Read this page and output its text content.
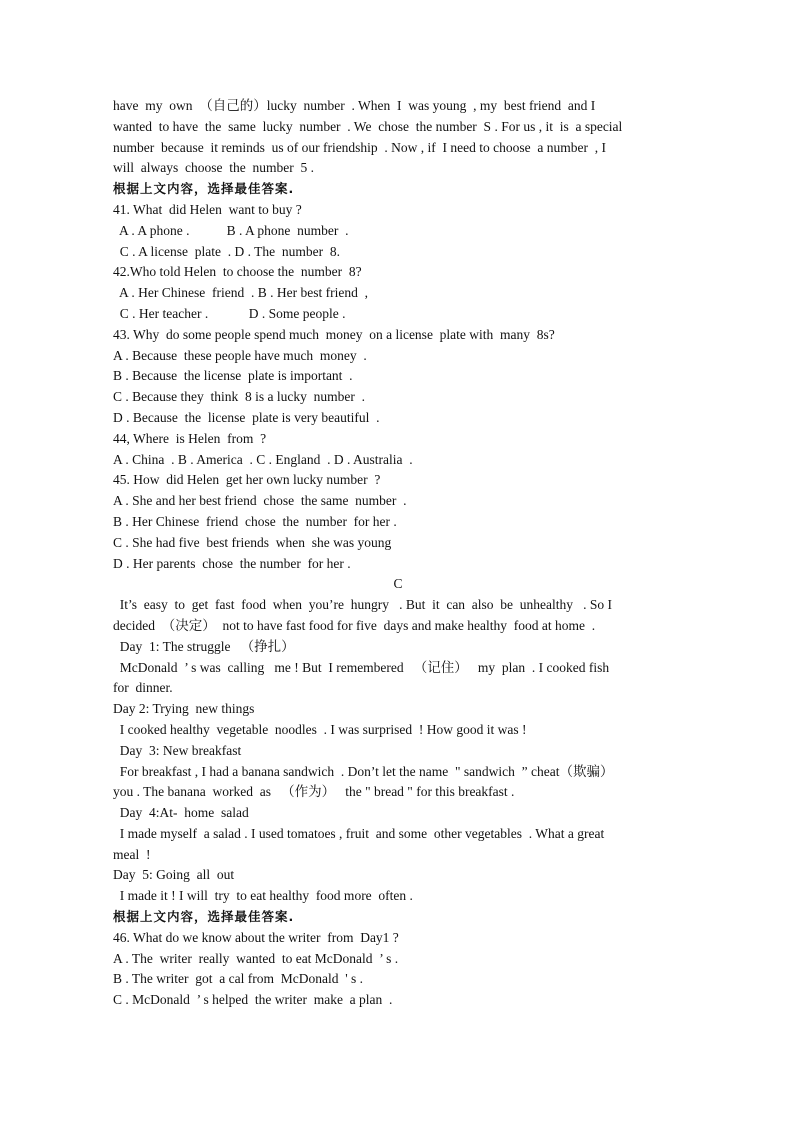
have  my  own  （自己的）lucky  number  . When  I  was young  , my  best friend  and I
wanted  to have  the  same  lucky  number  . We  chose  the number  S . For us , it  is  a special
number  because  it reminds  us of our friendship  . Now , if  I need to choose  a number  , I
will  always  choose  the  number  5 .
根据上文内容，选择最佳答案.
41. What  did Helen  want to buy ?
A . A phone .           B . A phone  number  .
C . A license  plate  . D . The  number  8.
42.Who told Helen  to choose the  number  8?
A . Her Chinese  friend  . B . Her best friend  ,
C . Her teacher .            D . Some people .
43. Why  do some people spend much  money  on a license  plate with  many  8s?
A . Because  these people have much  money  .
B . Because  the license  plate is important  .
C . Because they  think  8 is a lucky  number  .
D . Because  the  license  plate is very beautiful  .
44, Where  is Helen  from  ?
A . China  . B . America  . C . England  . D . Australia  .
45. How  did Helen  get her own lucky number  ?
A . She and her best friend  chose  the same  number  .
B . Her Chinese  friend  chose  the  number  for her .
C . She had five  best friends  when  she was young
D . Her parents  chose  the number  for her .
C
It’s  easy  to  get  fast  food  when  you’re  hungry   . But  it  can  also  be  unhealthy   . So I
decided  （决定）  not to have fast food for five  days and make healthy  food at home  .
Day  1: The struggle   （挣扎）
McDonald  ’ s was  calling   me ! But  I remembered   （记住）   my  plan  . I cooked fish
for  dinner.
Day 2: Trying  new things
I cooked healthy  vegetable  noodles  . I was surprised  ! How good it was !
Day  3: New breakfast
For breakfast , I had a banana sandwich  . Don’t let the name  " sandwich  ” cheat（欺骗）
you . The banana  worked  as   （作为）   the " bread " for this breakfast .
Day  4:At-  home  salad
I made myself  a salad . I used tomatoes , fruit  and some  other vegetables  . What a great
meal  !
Day  5: Going  all  out
I made it ! I will  try  to eat healthy  food more  often .
根据上文内容，选择最佳答案.
46. What do we know about the writer  from  Day1 ?
A . The  writer  really  wanted  to eat McDonald  ’ s .
B . The writer  got  a cal from  McDonald  ' s .
C . McDonald  ’ s helped  the writer  make  a plan  .
